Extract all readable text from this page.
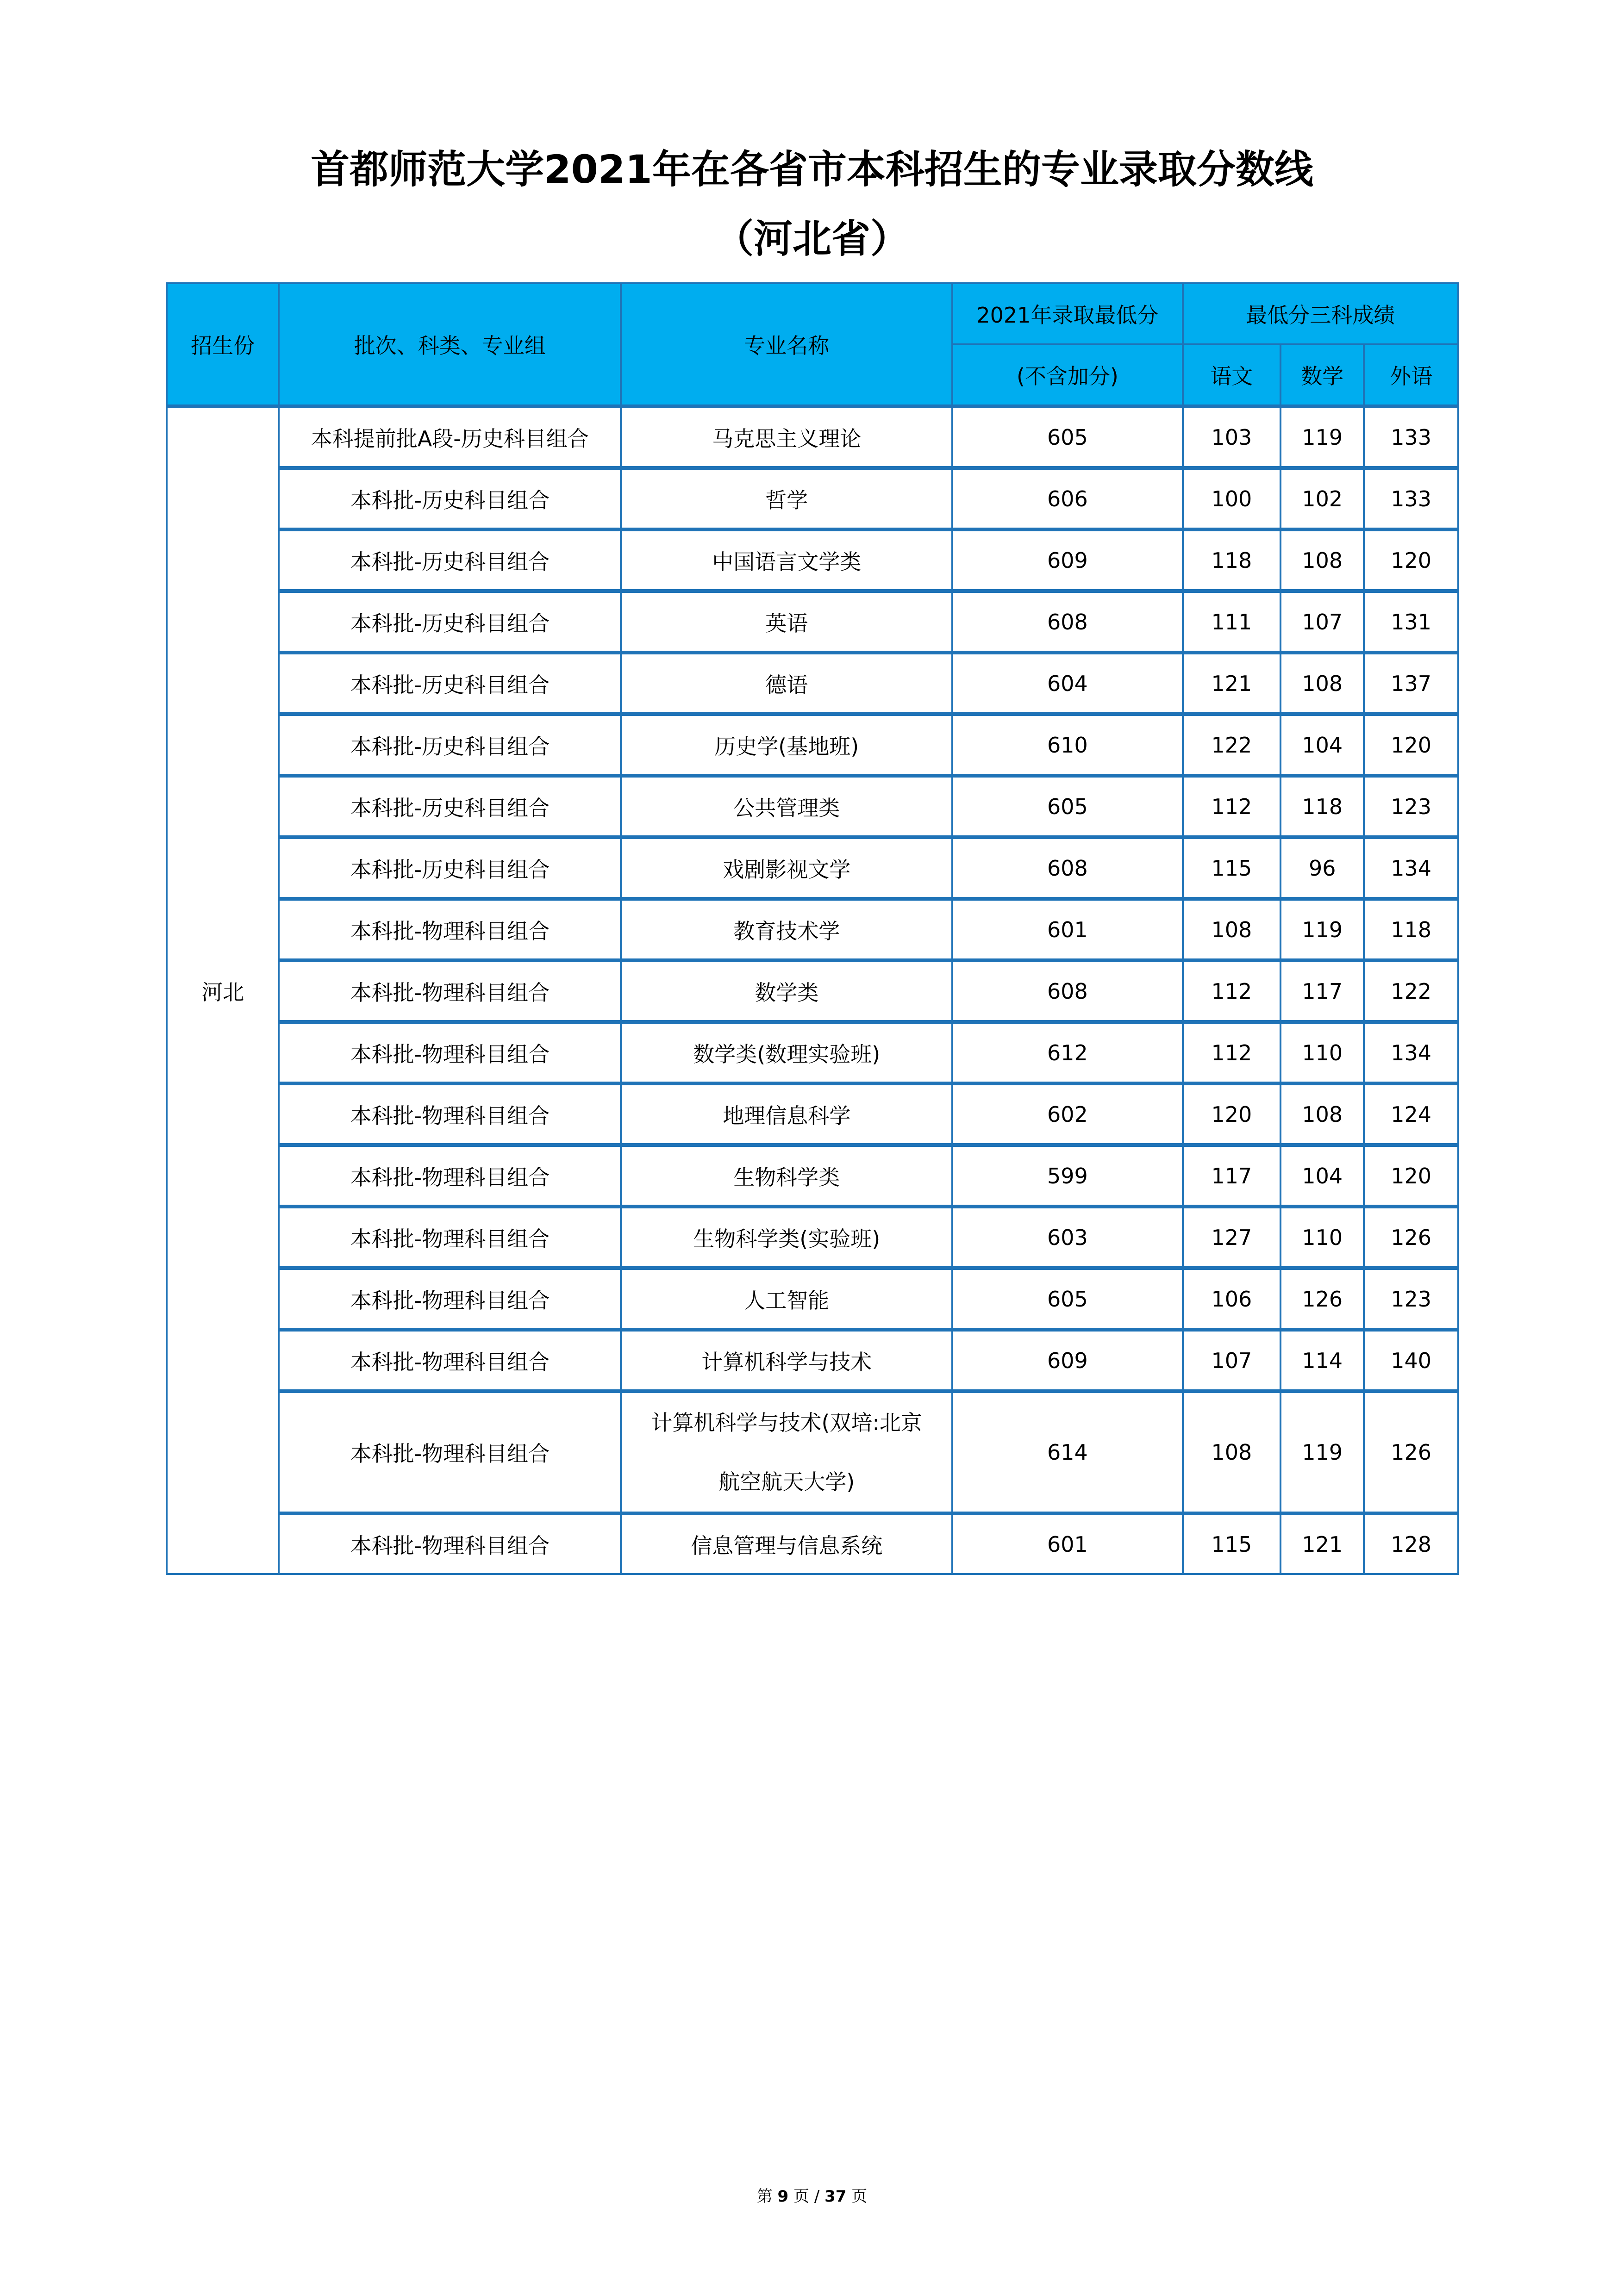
首都师范大学2021年在各省市本科招生的专业录取分数线
（河北省）
招生份	批次、科类、专业组	专业名称	2021年录取最低分	最低分三科成绩		
			(不含加分)	语文	数学	外语
河北	本科提前批A段-历史科目组合	马克思主义理论	605	103	119	133
	本科批-历史科目组合	哲学	606	100	102	133
	本科批-历史科目组合	中国语言文学类	609	118	108	120
	本科批-历史科目组合	英语	608	111	107	131
	本科批-历史科目组合	德语	604	121	108	137
	本科批-历史科目组合	历史学(基地班)	610	122	104	120
	本科批-历史科目组合	公共管理类	605	112	118	123
	本科批-历史科目组合	戏剧影视文学	608	115	96	134
	本科批-物理科目组合	教育技术学	601	108	119	118
	本科批-物理科目组合	数学类	608	112	117	122
	本科批-物理科目组合	数学类(数理实验班)	612	112	110	134
	本科批-物理科目组合	地理信息科学	602	120	108	124
	本科批-物理科目组合	生物科学类	599	117	104	120
	本科批-物理科目组合	生物科学类(实验班)	603	127	110	126
	本科批-物理科目组合	人工智能	605	106	126	123
	本科批-物理科目组合	计算机科学与技术	609	107	114	140
	本科批-物理科目组合	计算机科学与技术(双培:北京
航空航天大学)	614	108	119	126
	本科批-物理科目组合	信息管理与信息系统	601	115	121	128
第 9 页 / 37 页
